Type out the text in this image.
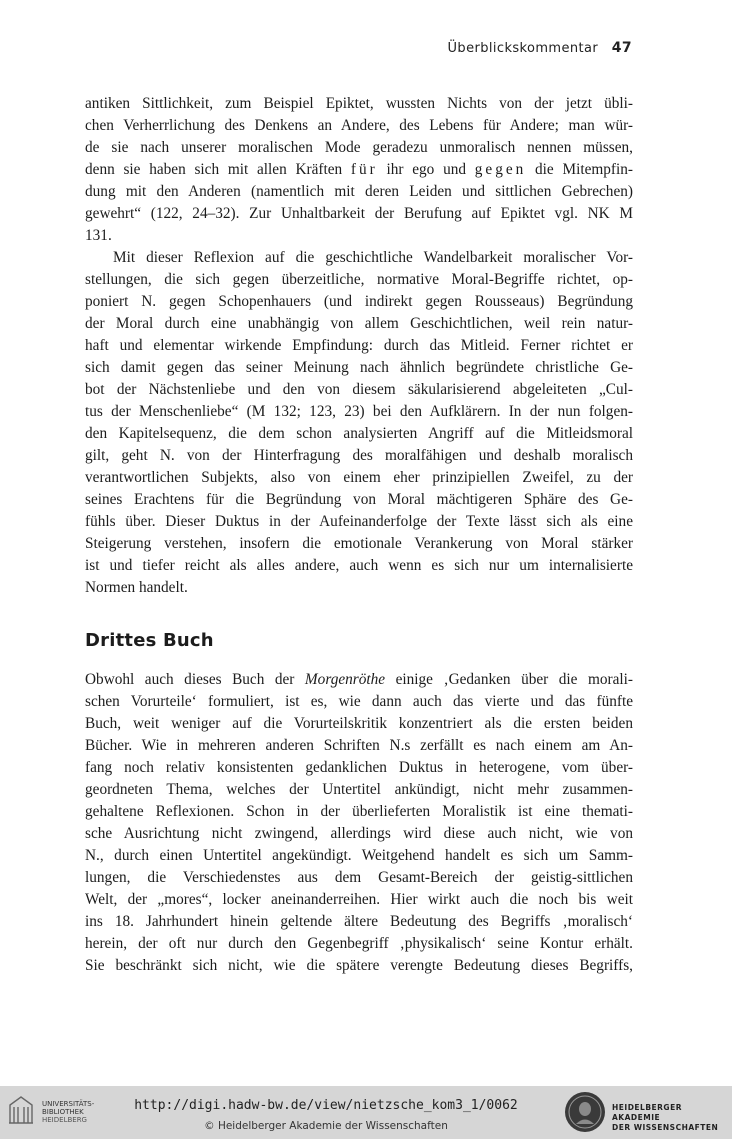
Überblickskommentar 47
antiken Sittlichkeit, zum Beispiel Epiktet, wussten Nichts von der jetzt übli-
chen Verherrlichung des Denkens an Andere, des Lebens für Andere; man wür-
de sie nach unserer moralischen Mode geradezu unmoralisch nennen müssen,
denn sie haben sich mit allen Kräften für ihr ego und gegen die Mitempfin-
dung mit den Anderen (namentlich mit deren Leiden und sittlichen Gebrechen)
gewehrt“ (122, 24–32). Zur Unhaltbarkeit der Berufung auf Epiktet vgl. NK M
131.
Mit dieser Reflexion auf die geschichtliche Wandelbarkeit moralischer Vor-
stellungen, die sich gegen überzeitliche, normative Moral-Begriffe richtet, op-
poniert N. gegen Schopenhauers (und indirekt gegen Rousseaus) Begründung
der Moral durch eine unabhängig von allem Geschichtlichen, weil rein natur-
haft und elementar wirkende Empfindung: durch das Mitleid. Ferner richtet er
sich damit gegen das seiner Meinung nach ähnlich begründete christliche Ge-
bot der Nächstenliebe und den von diesem säkularisierend abgeleiteten „Cul-
tus der Menschenliebe“ (M 132; 123, 23) bei den Aufklärern. In der nun folgen-
den Kapitelsequenz, die dem schon analysierten Angriff auf die Mitleidsmoral
gilt, geht N. von der Hinterfragung des moralfähigen und deshalb moralisch
verantwortlichen Subjekts, also von einem eher prinzipiellen Zweifel, zu der
seines Erachtens für die Begründung von Moral mächtigeren Sphäre des Ge-
fühls über. Dieser Duktus in der Aufeinanderfolge der Texte lässt sich als eine
Steigerung verstehen, insofern die emotionale Verankerung von Moral stärker
ist und tiefer reicht als alles andere, auch wenn es sich nur um internalisierte
Normen handelt.
Drittes Buch
Obwohl auch dieses Buch der Morgenröthe einige ‚Gedanken über die morali-
schen Vorurteile‘ formuliert, ist es, wie dann auch das vierte und das fünfte
Buch, weit weniger auf die Vorurteilskritik konzentriert als die ersten beiden
Bücher. Wie in mehreren anderen Schriften N.s zerfällt es nach einem am An-
fang noch relativ konsistenten gedanklichen Duktus in heterogene, vom über-
geordneten Thema, welches der Untertitel ankündigt, nicht mehr zusammen-
gehaltene Reflexionen. Schon in der überlieferten Moralistik ist eine themati-
sche Ausrichtung nicht zwingend, allerdings wird diese auch nicht, wie von
N., durch einen Untertitel angekündigt. Weitgehend handelt es sich um Samm-
lungen, die Verschiedenstes aus dem Gesamt-Bereich der geistig-sittlichen
Welt, der „mores“, locker aneinanderreihen. Hier wirkt auch die noch bis weit
ins 18. Jahrhundert hinein geltende ältere Bedeutung des Begriffs ‚moralisch‘
herein, der oft nur durch den Gegenbegriff ‚physikalisch‘ seine Kontur erhält.
Sie beschränkt sich nicht, wie die spätere verengte Bedeutung dieses Begriffs,
UNIVERSITÄTS-
BIBLIOTHEK
HEIDELBERG
http://digi.hadw-bw.de/view/nietzsche_kom3_1/0062
© Heidelberger Akademie der Wissenschaften
HEIDELBERGER AKADEMIE
DER WISSENSCHAFTEN
